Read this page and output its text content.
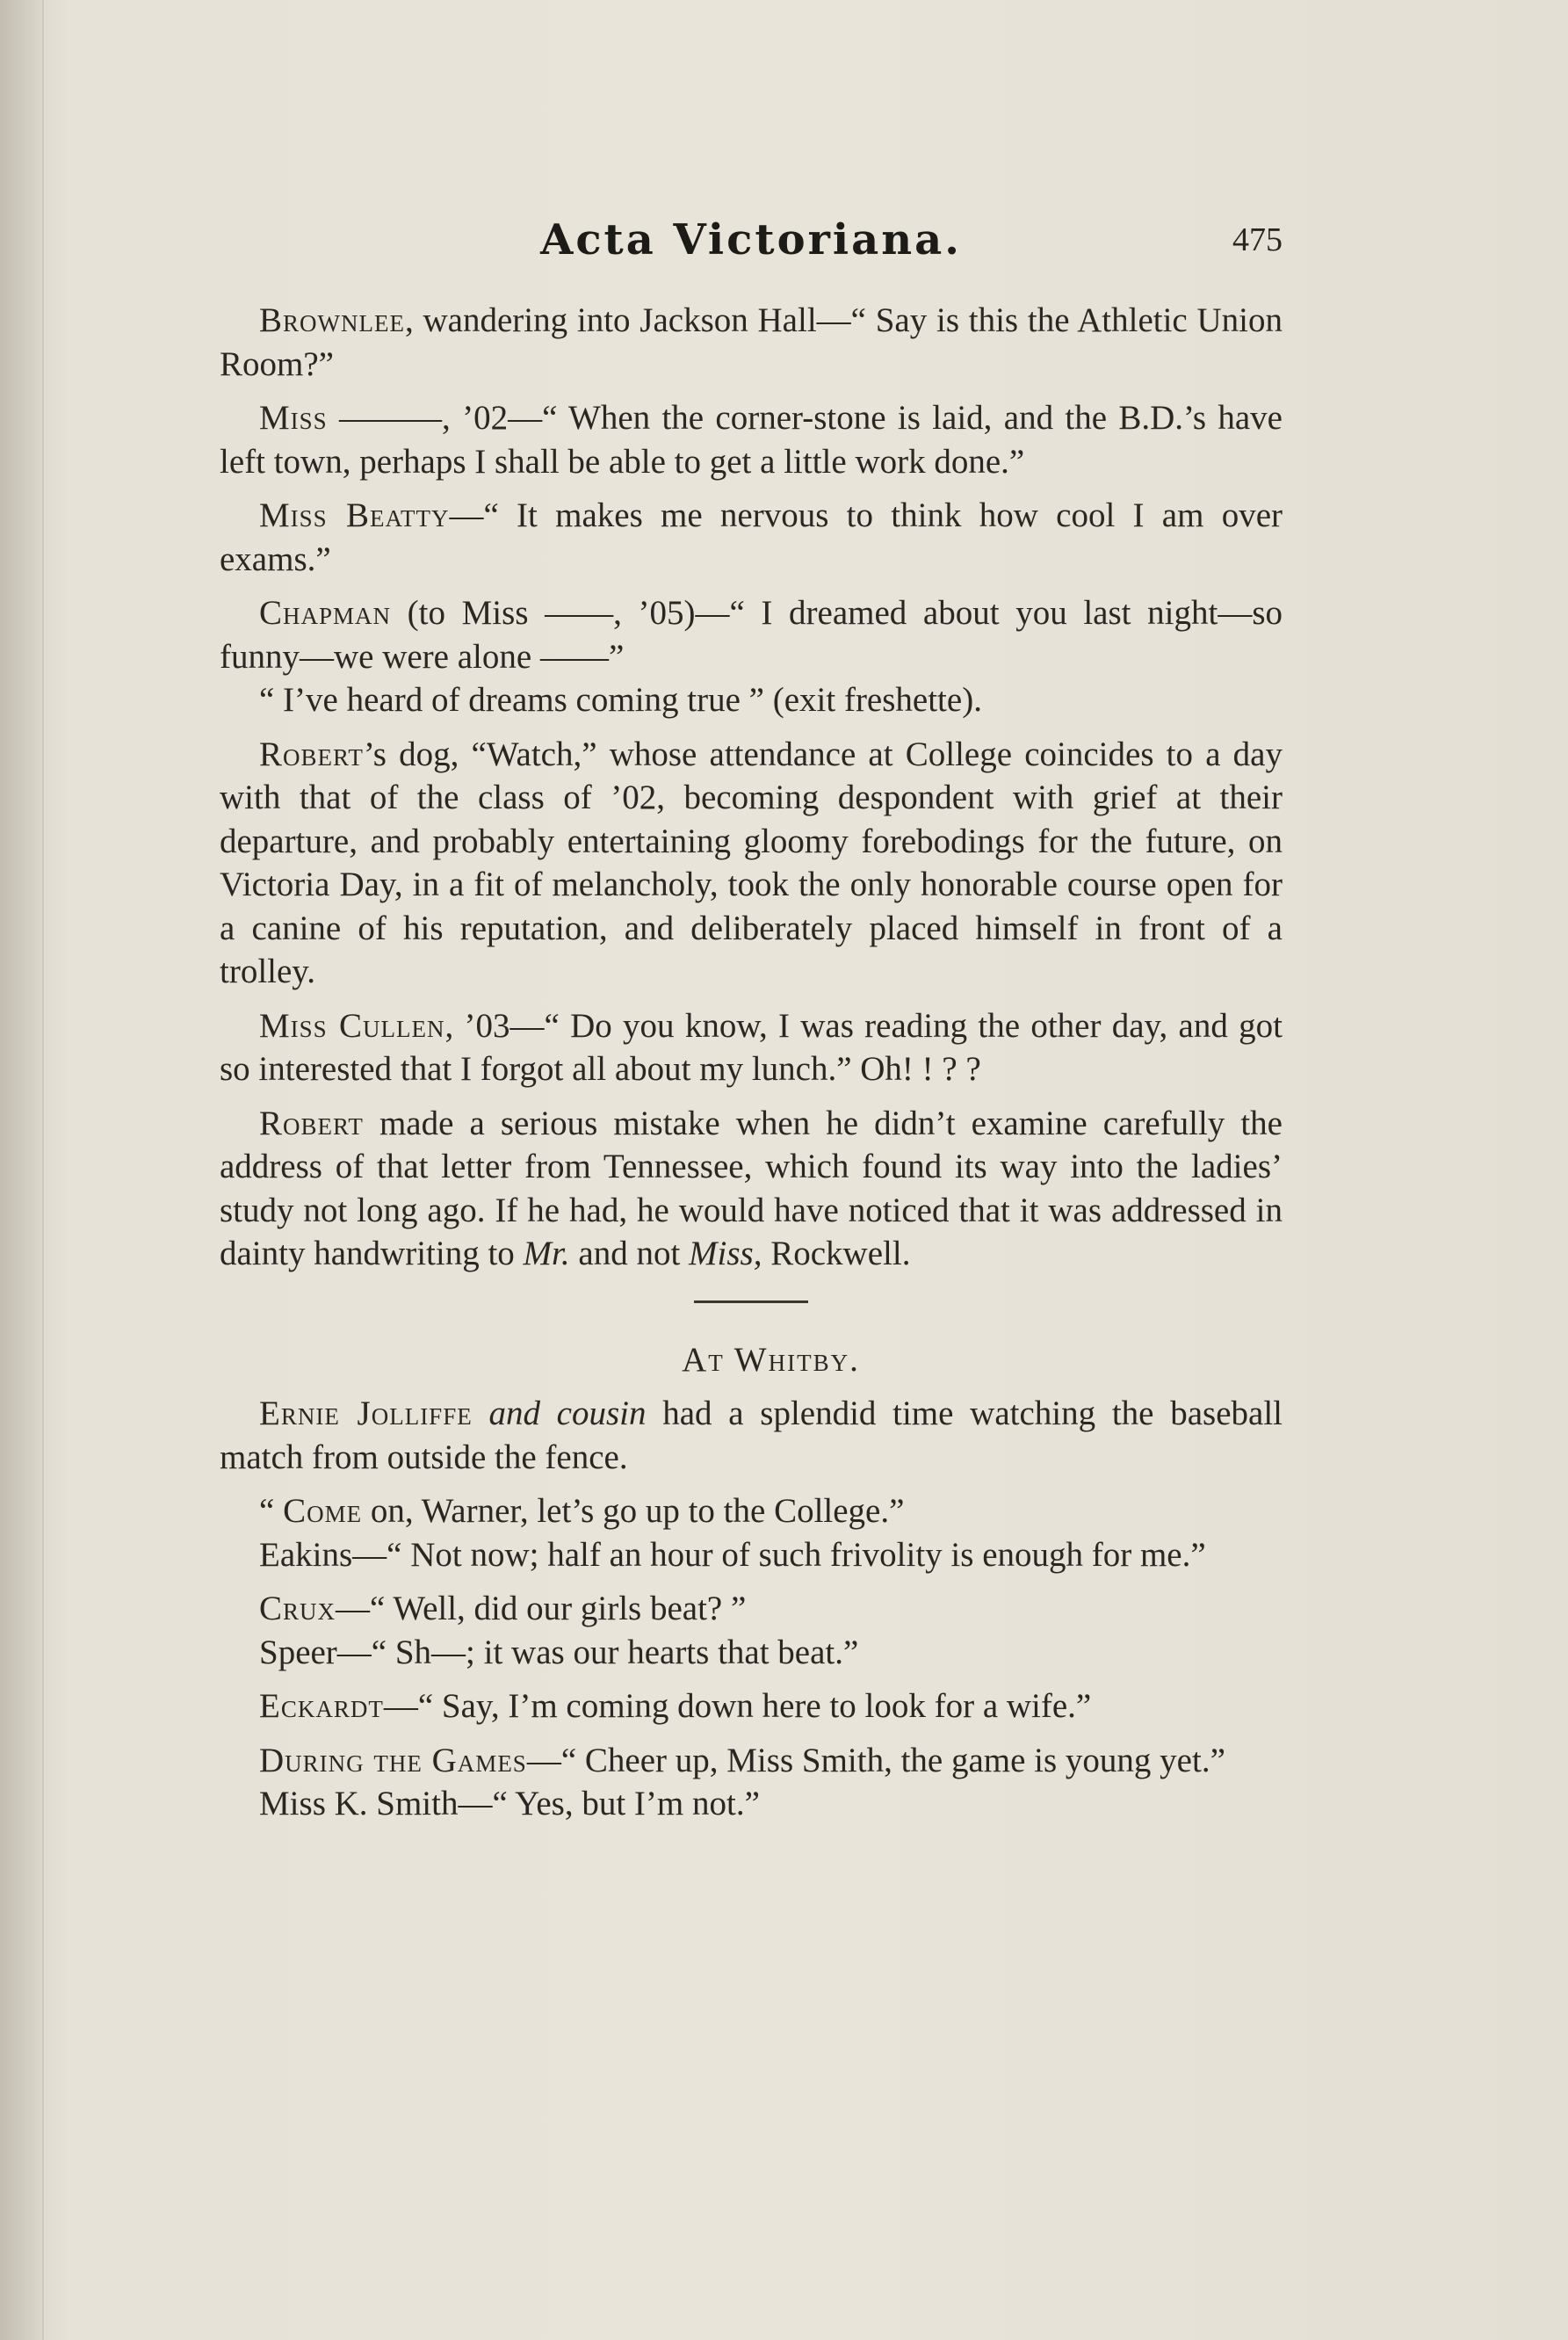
Acta Victoriana.	475

Brownlee, wandering into Jackson Hall—“ Say is this the Athletic Union Room?”

Miss ———, ’02—“ When the corner-stone is laid, and the B.D.’s have left town, perhaps I shall be able to get a little work done.”

Miss Beatty—“ It makes me nervous to think how cool I am over exams.”

Chapman (to Miss ——, ’05)—“ I dreamed about you last night—so funny—we were alone ——”

“ I’ve heard of dreams coming true ” (exit freshette).

Robert’s dog, “Watch,” whose attendance at College coincides to a day with that of the class of ’02, becoming despondent with grief at their departure, and probably entertaining gloomy forebodings for the future, on Victoria Day, in a fit of melancholy, took the only honorable course open for a canine of his reputation, and deliberately placed himself in front of a trolley.

Miss Cullen, ’03—“ Do you know, I was reading the other day, and got so interested that I forgot all about my lunch.” Oh! ! ? ?

Robert made a serious mistake when he didn’t examine carefully the address of that letter from Tennessee, which found its way into the ladies’ study not long ago. If he had, he would have noticed that it was addressed in dainty handwriting to Mr. and not Miss, Rockwell.

At Whitby.

Ernie Jolliffe and cousin had a splendid time watching the baseball match from outside the fence.

“ Come on, Warner, let’s go up to the College.”

Eakins—“ Not now; half an hour of such frivolity is enough for me.”

Crux—“ Well, did our girls beat? ”

Speer—“ Sh—; it was our hearts that beat.”

Eckardt—“ Say, I’m coming down here to look for a wife.”

During the Games—“ Cheer up, Miss Smith, the game is young yet.”

Miss K. Smith—“ Yes, but I’m not.”
